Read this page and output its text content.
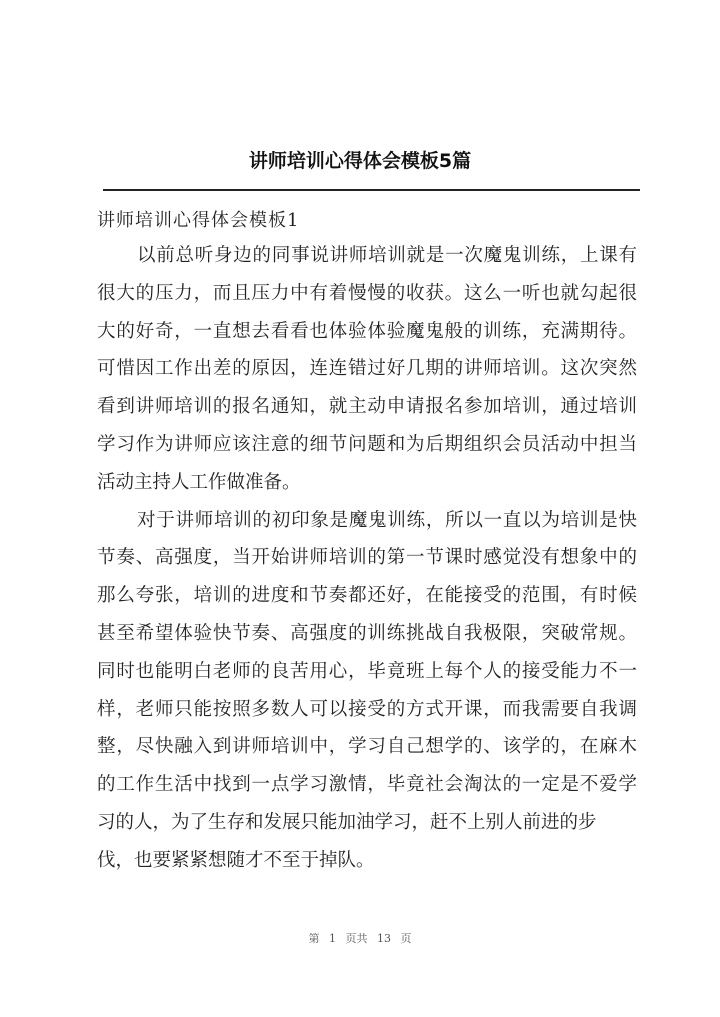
讲师培训心得体会模板5篇
讲师培训心得体会模板1
以前总听身边的同事说讲师培训就是一次魔鬼训练，上课有
很大的压力，而且压力中有着慢慢的收获。这么一听也就勾起很
大的好奇，一直想去看看也体验体验魔鬼般的训练，充满期待。
可惜因工作出差的原因，连连错过好几期的讲师培训。这次突然
看到讲师培训的报名通知，就主动申请报名参加培训，通过培训
学习作为讲师应该注意的细节问题和为后期组织会员活动中担当
活动主持人工作做准备。
对于讲师培训的初印象是魔鬼训练，所以一直以为培训是快
节奏、高强度，当开始讲师培训的第一节课时感觉没有想象中的
那么夸张，培训的进度和节奏都还好，在能接受的范围，有时候
甚至希望体验快节奏、高强度的训练挑战自我极限，突破常规。
同时也能明白老师的良苦用心，毕竟班上每个人的接受能力不一
样，老师只能按照多数人可以接受的方式开课，而我需要自我调
整，尽快融入到讲师培训中，学习自己想学的、该学的，在麻木
的工作生活中找到一点学习激情，毕竟社会淘汰的一定是不爱学
习的人，为了生存和发展只能加油学习，赶不上别人前进的步
伐，也要紧紧想随才不至于掉队。
第 1 页共 13 页
